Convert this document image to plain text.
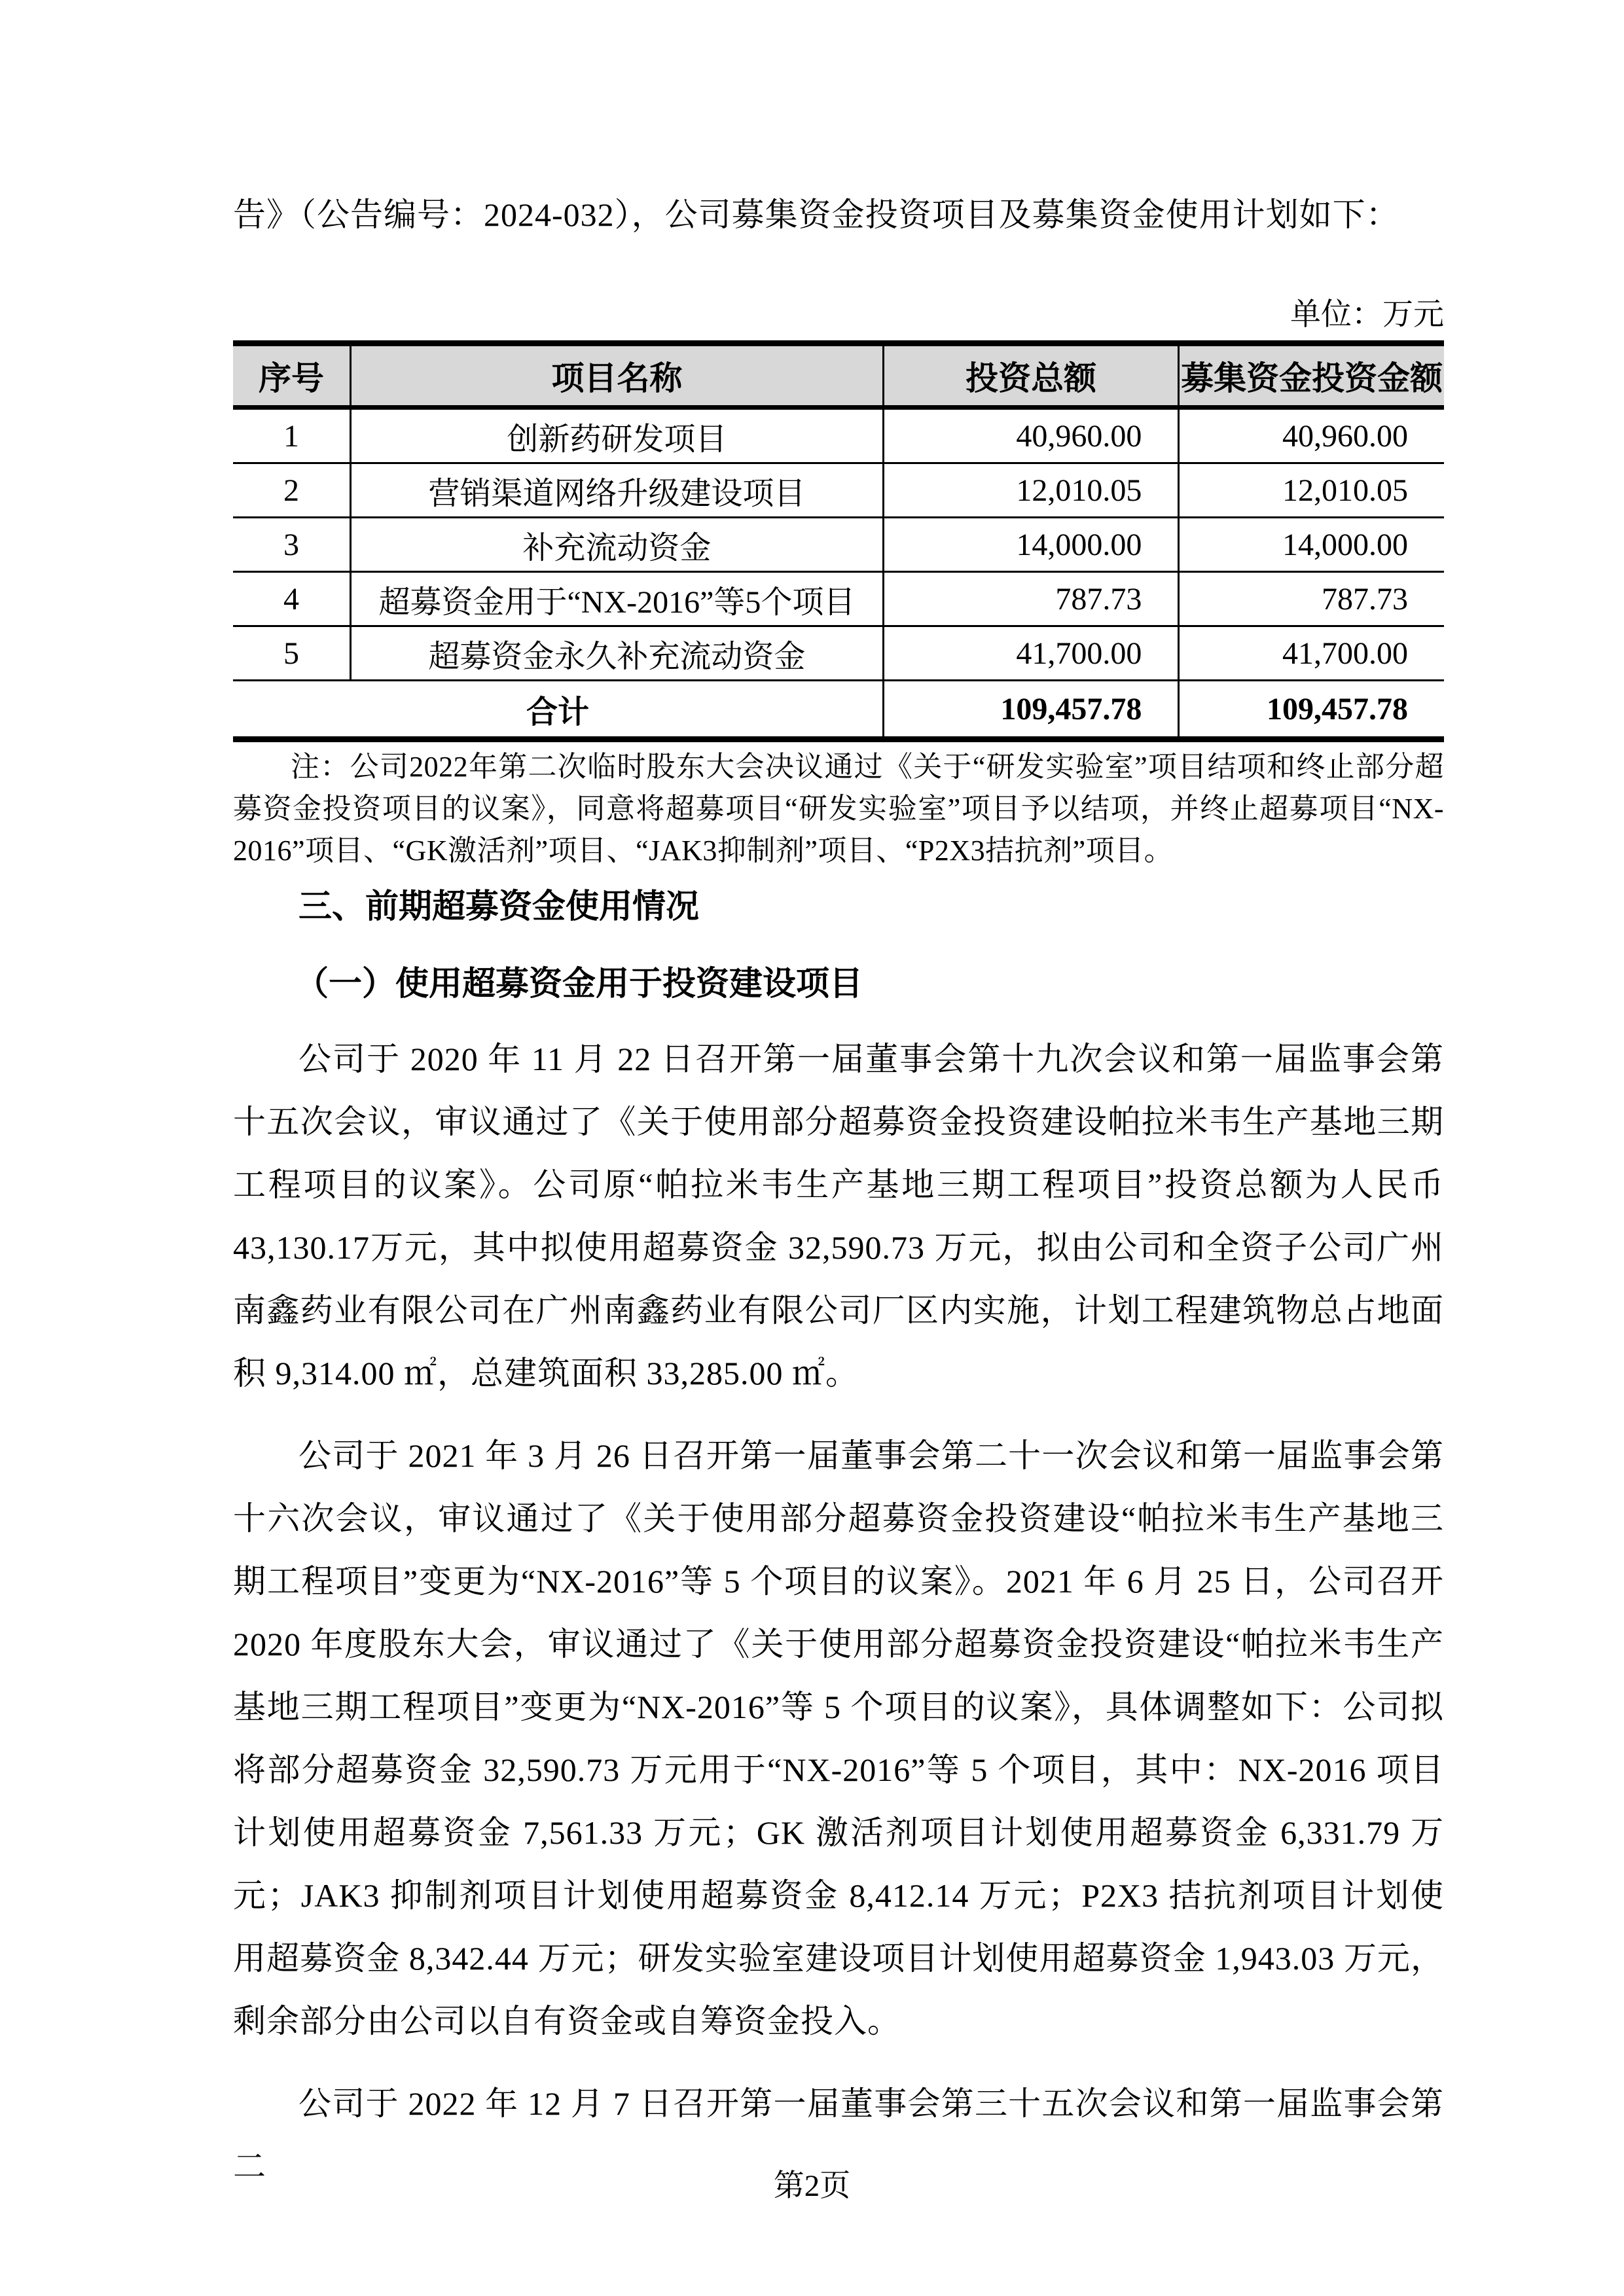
告》（公告编号：2024-032），公司募集资金投资项目及募集资金使用计划如下：
单位：万元
序号	项目名称	投资总额	募集资金投资金额
1	创新药研发项目	40,960.00	40,960.00
2	营销渠道网络升级建设项目	12,010.05	12,010.05
3	补充流动资金	14,000.00	14,000.00
4	超募资金用于“NX-2016”等5个项目	787.73	787.73
5	超募资金永久补充流动资金	41,700.00	41,700.00
合计		109,457.78	109,457.78
注：公司2022年第二次临时股东大会决议通过《关于“研发实验室”项目结项和终止部分超募资金投资项目的议案》，同意将超募项目“研发实验室”项目予以结项，并终止超募项目“NX-2016”项目、“GK激活剂”项目、“JAK3抑制剂”项目、“P2X3拮抗剂”项目。
三、前期超募资金使用情况
（一）使用超募资金用于投资建设项目
公司于 2020 年 11 月 22 日召开第一届董事会第十九次会议和第一届监事会第十五次会议，审议通过了《关于使用部分超募资金投资建设帕拉米韦生产基地三期工程项目的议案》。公司原“帕拉米韦生产基地三期工程项目”投资总额为人民币43,130.17万元，其中拟使用超募资金 32,590.73 万元，拟由公司和全资子公司广州南鑫药业有限公司在广州南鑫药业有限公司厂区内实施，计划工程建筑物总占地面积 9,314.00 ㎡，总建筑面积 33,285.00 ㎡。
公司于 2021 年 3 月 26 日召开第一届董事会第二十一次会议和第一届监事会第十六次会议，审议通过了《关于使用部分超募资金投资建设“帕拉米韦生产基地三期工程项目”变更为“NX-2016”等 5 个项目的议案》。2021 年 6 月 25 日，公司召开 2020 年度股东大会，审议通过了《关于使用部分超募资金投资建设“帕拉米韦生产基地三期工程项目”变更为“NX-2016”等 5 个项目的议案》，具体调整如下：公司拟将部分超募资金 32,590.73 万元用于“NX-2016”等 5 个项目，其中：NX-2016 项目计划使用超募资金 7,561.33 万元；GK 激活剂项目计划使用超募资金 6,331.79 万元；JAK3 抑制剂项目计划使用超募资金 8,412.14 万元；P2X3 拮抗剂项目计划使用超募资金 8,342.44 万元；研发实验室建设项目计划使用超募资金 1,943.03 万元，剩余部分由公司以自有资金或自筹资金投入。
公司于 2022 年 12 月 7 日召开第一届董事会第三十五次会议和第一届监事会第二
第2页
